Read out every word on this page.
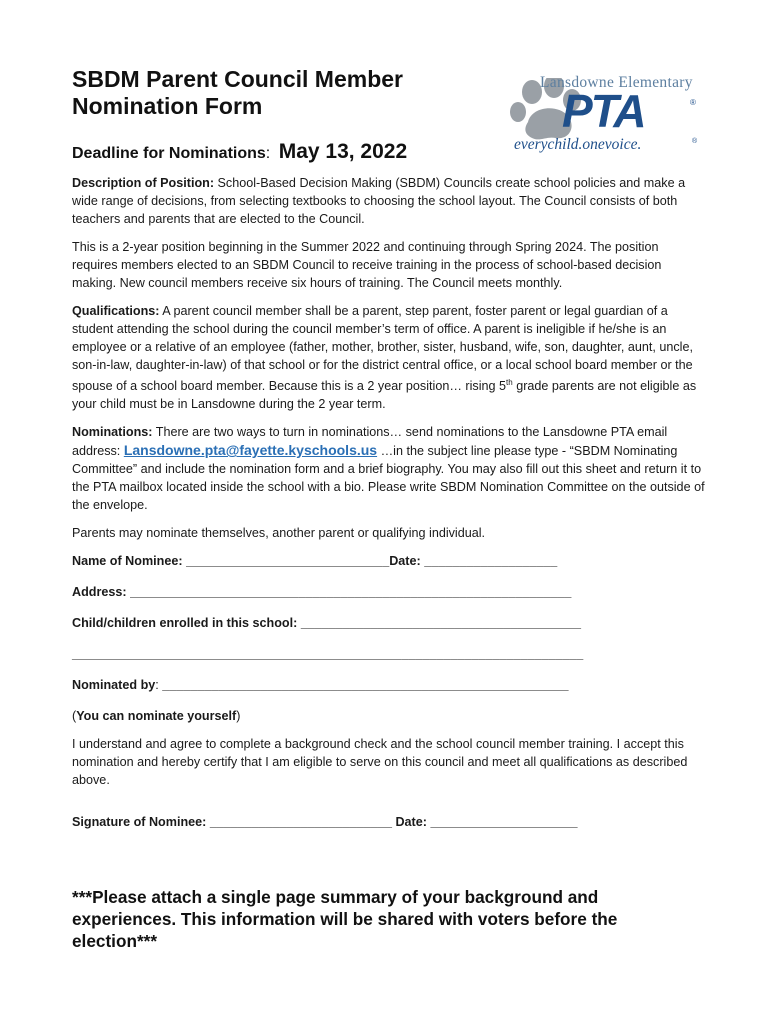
SBDM Parent Council Member
Nomination Form
Deadline for Nominations: May 13, 2022
Lansdowne Elementary
PTA	®
everychild.onevoice.	®

Description of Position: School-Based Decision Making (SBDM) Councils create school policies and make a wide range of decisions, from selecting textbooks to choosing the school layout. The Council consists of both teachers and parents that are elected to the Council.

This is a 2-year position beginning in the Summer 2022 and continuing through Spring 2024. The position requires members elected to an SBDM Council to receive training in the process of school-based decision making. New council members receive six hours of training. The Council meets monthly.

Qualifications: A parent council member shall be a parent, step parent, foster parent or legal guardian of a student attending the school during the council member’s term of office. A parent is ineligible if he/she is an employee or a relative of an employee (father, mother, brother, sister, husband, wife, son, daughter, aunt, uncle, son-in-law, daughter-in-law) of that school or for the district central office, or a local school board member or the spouse of a school board member. Because this is a 2 year position… rising 5th grade parents are not eligible as your child must be in Lansdowne during the 2 year term.

Nominations: There are two ways to turn in nominations… send nominations to the Lansdowne PTA email address: Lansdowne.pta@fayette.kyschools.us …in the subject line please type - “SBDM Nominating Committee” and include the nomination form and a brief biography. You may also fill out this sheet and return it to the PTA mailbox located inside the school with a bio. Please write SBDM Nomination Committee on the outside of the envelope.

Parents may nominate themselves, another parent or qualifying individual.

Name of Nominee: _____________________________Date: ___________________
Address: _______________________________________________________________
Child/children enrolled in this school: ________________________________________
_________________________________________________________________________
Nominated by: __________________________________________________________

(You can nominate yourself)

I understand and agree to complete a background check and the school council member training. I accept this nomination and hereby certify that I am eligible to serve on this council and meet all qualifications as described above.

Signature of Nominee: __________________________ Date: _____________________
***Please attach a single page summary of your background and experiences. This information will be shared with voters before the election***
